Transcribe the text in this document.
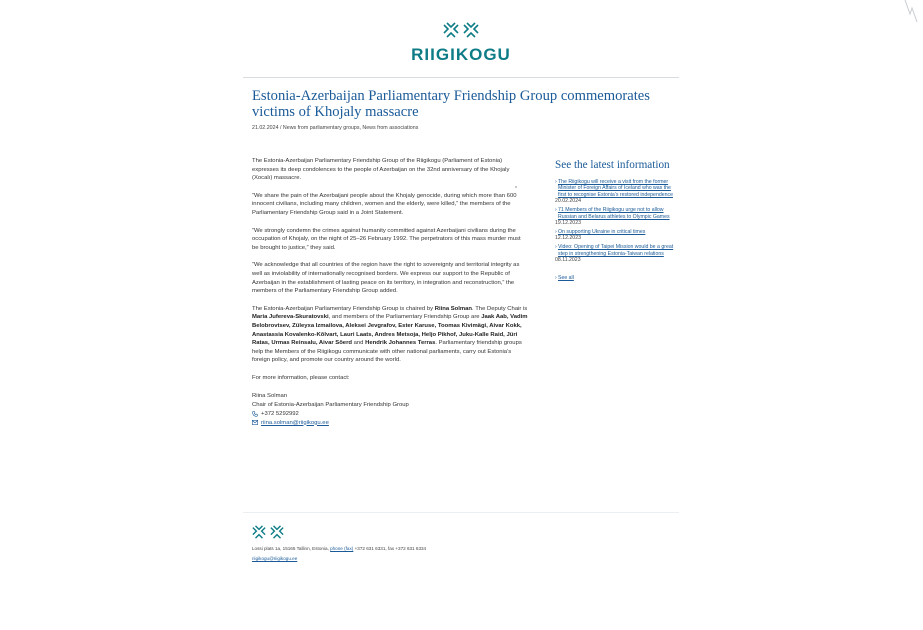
RIIGIKOGU
Estonia-Azerbaijan Parliamentary Friendship Group commemorates victims of Khojaly massacre
21.02.2024 / News from parliamentary groups, News from associations

The Estonia-Azerbaijan Parliamentary Friendship Group of the Riigikogu (Parliament of Estonia) expresses its deep condolences to the people of Azerbaijan on the 32nd anniversary of the Khojaly (Xocalı) massacre.

“We share the pain of the Azerbaijani people about the Khojaly genocide, during which more than 600 innocent civilians, including many children, women and the elderly, were killed,” the members of the Parliamentary Friendship Group said in a Joint Statement.

“We strongly condemn the crimes against humanity committed against Azerbaijani civilians during the occupation of Khojaly, on the night of 25–26 February 1992. The perpetrators of this mass murder must be brought to justice,” they said.

“We acknowledge that all countries of the region have the right to sovereignty and territorial integrity as well as inviolability of internationally recognised borders. We express our support to the Republic of Azerbaijan in the establishment of lasting peace on its territory, in integration and reconstruction,” the members of the Parliamentary Friendship Group added.

The Estonia-Azerbaijan Parliamentary Friendship Group is chaired by Riina Solman. The Deputy Chair is Maria Jufereva-Skuratovski, and members of the Parliamentary Friendship Group are Jaak Aab, Vadim Belobrovtsev, Züleyxa Izmailova, Aleksei Jevgrafov, Ester Karuse, Toomas Kivimägi, Aivar Kokk, Anastassia Kovalenko-Kõlvart, Lauri Laats, Andres Metsoja, Heljo Pikhof, Juku-Kalle Raid, Jüri Ratas, Urmas Reinsalu, Aivar Sõerd and Hendrik Johannes Terras. Parliamentary friendship groups help the Members of the Riigikogu communicate with other national parliaments, carry out Estonia’s foreign policy, and promote our country around the world.

For more information, please contact:

Riina Solman
Chair of Estonia-Azerbaijan Parliamentary Friendship Group
+372 5292992
riina.solman@riigikogu.ee
See the latest information
› The Riigikogu will receive a visit from the former Minister of Foreign Affairs of Iceland who was the first to recognise Estonia’s restored independence
20.02.2024
› 71 Members of the Riigikogu urge not to allow Russian and Belarus athletes to Olympic Games
19.12.2023
› On supporting Ukraine in critical times
12.12.2023
› Video: Opening of Taipei Mission would be a great step in strengthening Estonia-Taiwan relations
08.11.2023
› See all
Lossi plats 1a, 15165 Tallinn, Estonia, phone (fax) +372 631 6331, fax +372 631 6334
riigikogu@riigikogu.ee
